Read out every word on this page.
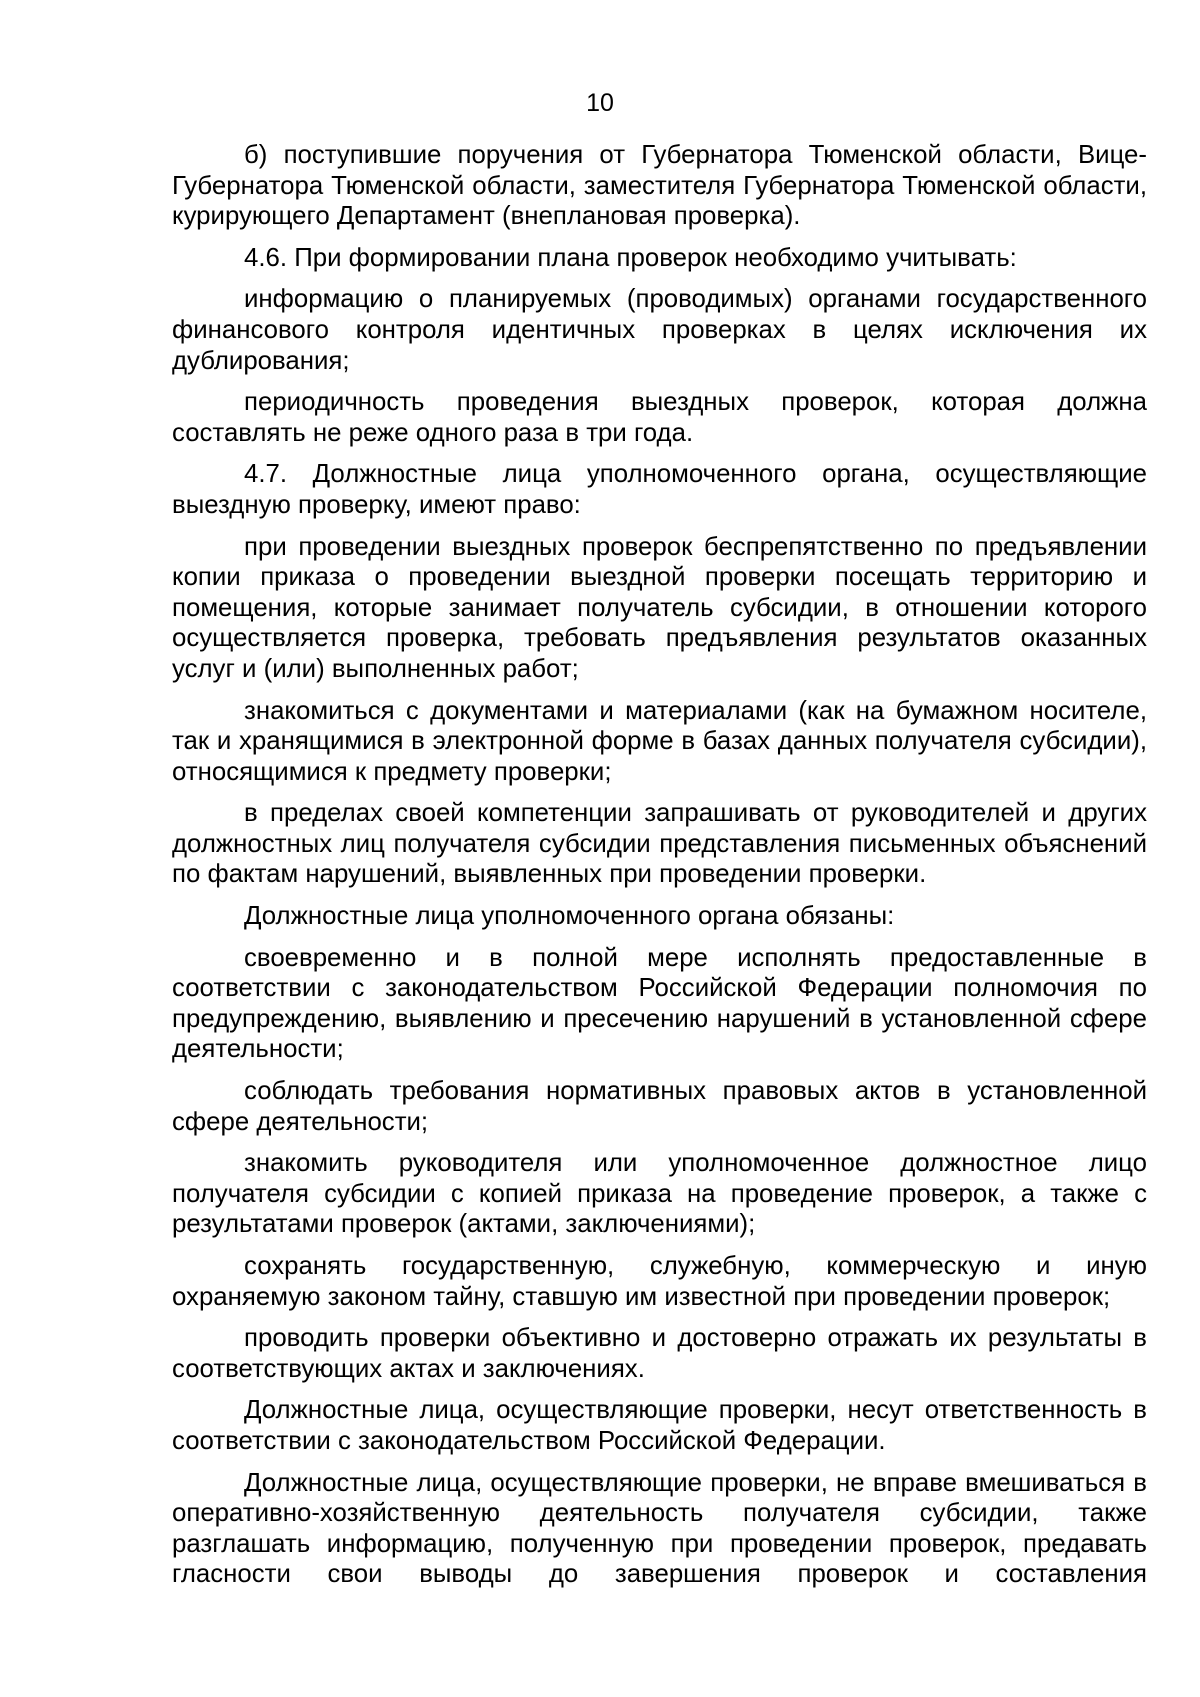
10

б) поступившие поручения от Губернатора Тюменской области, Вице-Губернатора Тюменской области, заместителя Губернатора Тюменской области, курирующего Департамент (внеплановая проверка).

4.6. При формировании плана проверок необходимо учитывать:

информацию о планируемых (проводимых) органами государственного финансового контроля идентичных проверках в целях исключения их дублирования;

периодичность проведения выездных проверок, которая должна составлять не реже одного раза в три года.

4.7. Должностные лица уполномоченного органа, осуществляющие выездную проверку, имеют право:

при проведении выездных проверок беспрепятственно по предъявлении копии приказа о проведении выездной проверки посещать территорию и помещения, которые занимает получатель субсидии, в отношении которого осуществляется проверка, требовать предъявления результатов оказанных услуг и (или) выполненных работ;

знакомиться с документами и материалами (как на бумажном носителе, так и хранящимися в электронной форме в базах данных получателя субсидии), относящимися к предмету проверки;

в пределах своей компетенции запрашивать от руководителей и других должностных лиц получателя субсидии представления письменных объяснений по фактам нарушений, выявленных при проведении проверки.

Должностные лица уполномоченного органа обязаны:

своевременно и в полной мере исполнять предоставленные в соответствии с законодательством Российской Федерации полномочия по предупреждению, выявлению и пресечению нарушений в установленной сфере деятельности;

соблюдать требования нормативных правовых актов в установленной сфере деятельности;

знакомить руководителя или уполномоченное должностное лицо получателя субсидии с копией приказа на проведение проверок, а также с результатами проверок (актами, заключениями);

сохранять государственную, служебную, коммерческую и иную охраняемую законом тайну, ставшую им известной при проведении проверок;

проводить проверки объективно и достоверно отражать их результаты в соответствующих актах и заключениях.

Должностные лица, осуществляющие проверки, несут ответственность в соответствии с законодательством Российской Федерации.

Должностные лица, осуществляющие проверки, не вправе вмешиваться в оперативно-хозяйственную деятельность получателя субсидии, также разглашать информацию, полученную при проведении проверок, предавать гласности свои выводы до завершения проверок и составления
